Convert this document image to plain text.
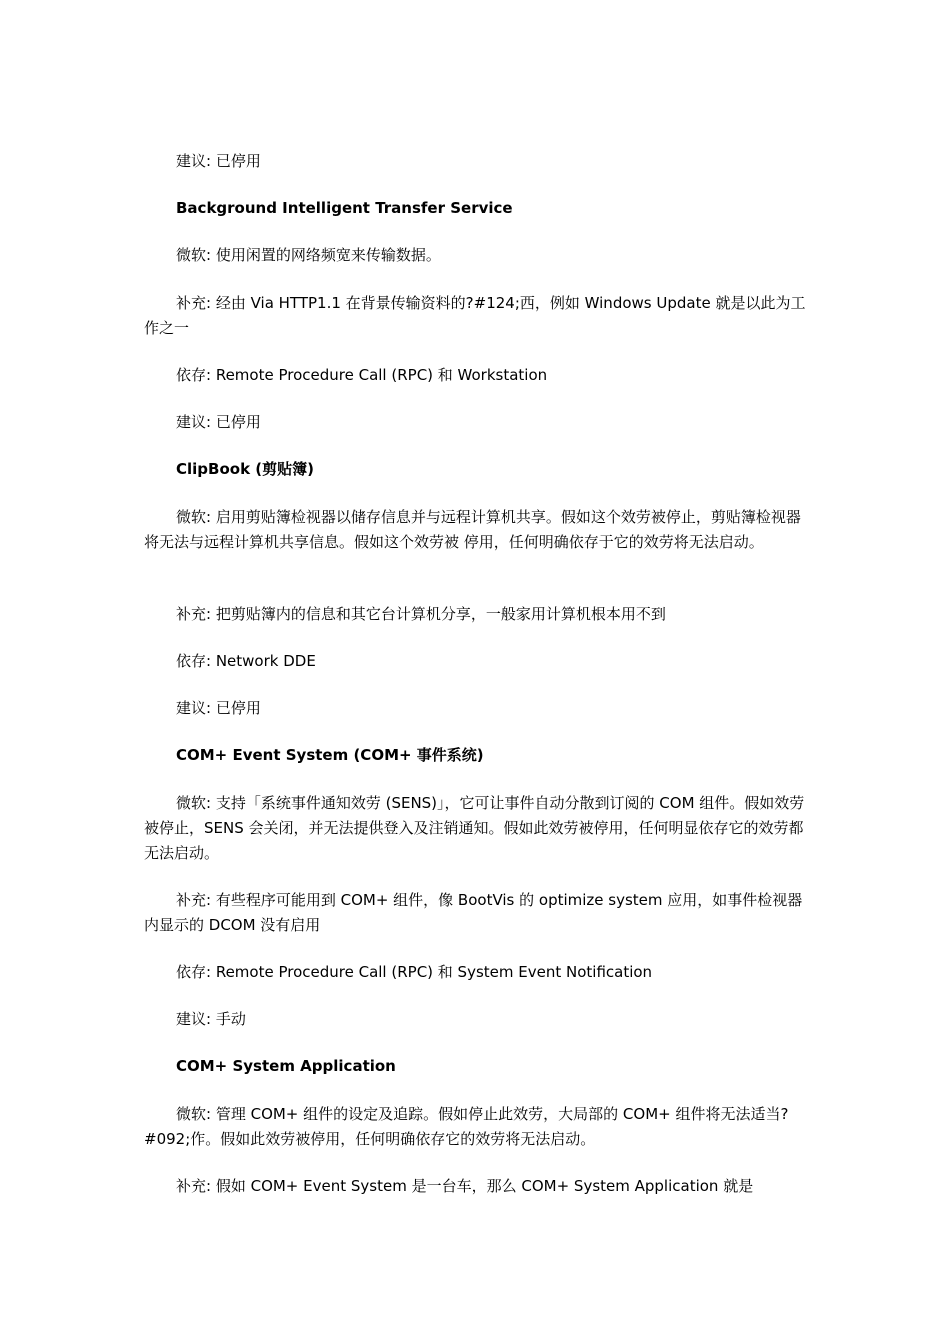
建议: 已停用

Background Intelligent Transfer Service

微软: 使用闲置的网络频宽来传输数据。

补充: 经由 Via HTTP1.1 在背景传输资料的?#124;西，例如 Windows Update 就是以此为工作之一

依存: Remote Procedure Call (RPC) 和 Workstation

建议: 已停用

ClipBook (剪贴簿)

微软: 启用剪贴簿检视器以储存信息并与远程计算机共享。假如这个效劳被停止，剪贴簿检视器将无法与远程计算机共享信息。假如这个效劳被 停用，任何明确依存于它的效劳将无法启动。

补充: 把剪贴簿内的信息和其它台计算机分享，一般家用计算机根本用不到

依存: Network DDE

建议: 已停用

COM+ Event System (COM+ 事件系统)

微软: 支持「系统事件通知效劳 (SENS)」，它可让事件自动分散到订阅的 COM 组件。假如效劳被停止，SENS 会关闭，并无法提供登入及注销通知。假如此效劳被停用，任何明显依存它的效劳都无法启动。

补充: 有些程序可能用到 COM+ 组件，像 BootVis 的 optimize system 应用，如事件检视器内显示的 DCOM 没有启用

依存: Remote Procedure Call (RPC) 和 System Event Notification

建议: 手动

COM+ System Application

微软: 管理 COM+ 组件的设定及追踪。假如停止此效劳，大局部的 COM+ 组件将无法适当?#092;作。假如此效劳被停用，任何明确依存它的效劳将无法启动。

补充: 假如 COM+ Event System 是一台车，那么 COM+ System Application 就是
